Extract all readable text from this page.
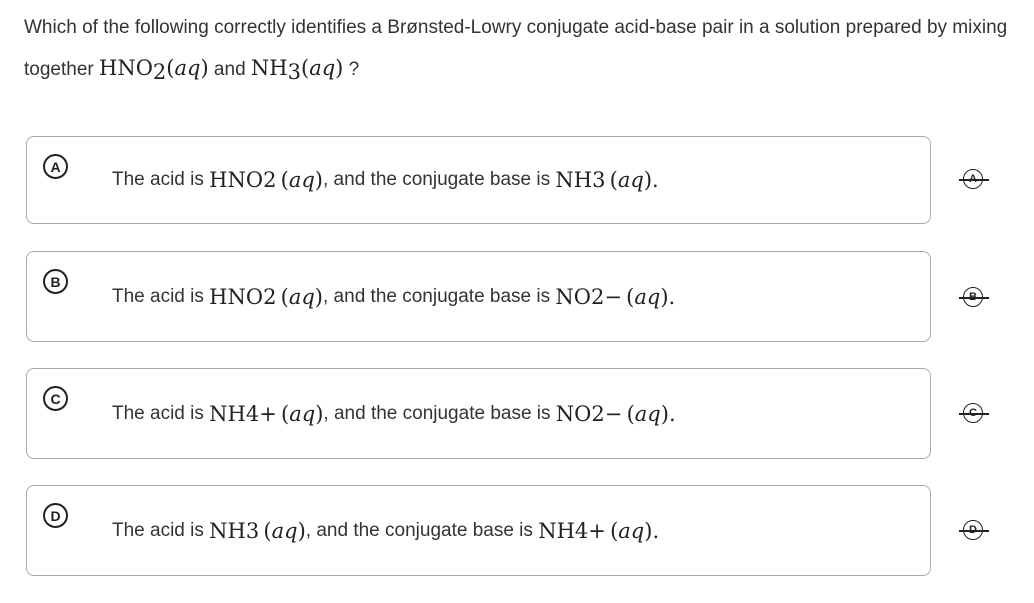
Which of the following correctly identifies a Brønsted-Lowry conjugate acid-base pair in a solution prepared by mixing together $HNO_2(aq)$ and $NH_3(aq)$ ?
A
The acid is HNO 2  ( aq ) , and the conjugate base is NH 3  ( aq ) .
B
The acid is HNO 2  ( aq ) , and the conjugate base is NO 2 −  ( aq ) .
C
The acid is NH 4 +  ( aq ) , and the conjugate base is NO 2 −  ( aq ) .
D
The acid is NH 3  ( aq ) , and the conjugate base is NH 4 +  ( aq ) .
